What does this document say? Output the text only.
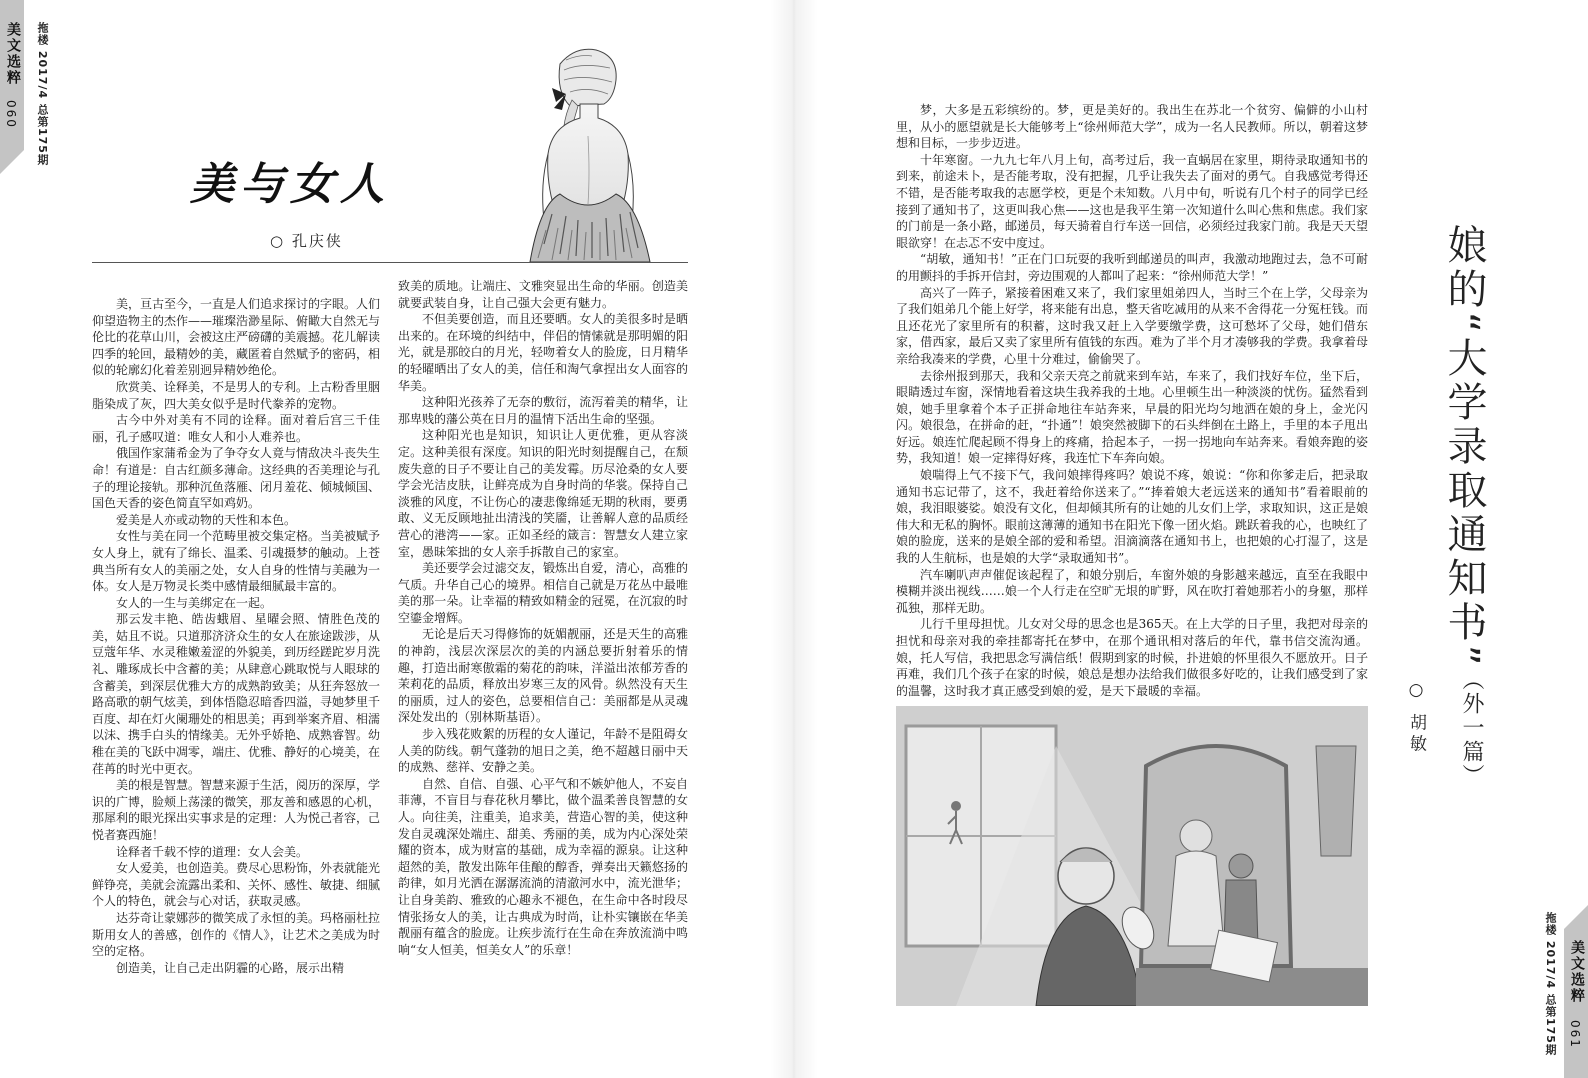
美文选粹
060 拖楼 2017/4 总第175期
美与女人
○ 孔庆侠

美，亘古至今，一直是人们追求探讨的字眼。人们仰望造物主的杰作——璀璨浩渺星际、俯瞰大自然无与伦比的花草山川，会被这庄严磅礴的美震撼。花儿解读四季的轮回，最精妙的美，藏匿着自然赋予的密码，相似的轮廓幻化着差别迥异精妙绝伦。

欣赏美、诠释美，不是男人的专利。上古粉香里胭脂染成了灰，四大美女似乎是时代豢养的宠物。

古今中外对美有不同的诠释。面对着后宫三千佳丽，孔子感叹道：唯女人和小人难养也。

俄国作家蒲希金为了争夺女人竟与情敌决斗丧失生命！有道是：自古红颜多薄命。这经典的否美理论与孔子的理论接轨。那种沉鱼落雁、闭月羞花、倾城倾国、国色天香的姿色简直罕如鸡奶。

爱美是人亦或动物的天性和本色。

女性与美在同一个范畴里被交集定格。当美被赋予女人身上，就有了绵长、温柔、引魂摄梦的触动。上苍典当所有女人的美丽之处，女人自身的性情与美融为一体。女人是万物灵长类中感情最细腻最丰富的。

女人的一生与美绑定在一起。

那云发丰艳、皓齿蛾眉、星曜会照、情胜色茂的美，姑且不说。只道那济济众生的女人在旅途跋涉，从豆蔻年华、水灵稚嫩羞涩的外貌美，到历经蹉跎岁月洗礼、雕琢成长中含蓄的美；从肆意心跳取悦与人眼球的含蓄美，到深层优雅大方的成熟韵致美；从狂奔怒放一路高歌的朝气炫美，到体悟隐忍暗香四溢，寻她梦里千百度、却在灯火阑珊处的相思美；再到举案齐眉、相濡以沫、携手白头的情缘美。无外乎娇艳、成熟睿智。幼稚在美的飞跃中凋零，端庄、优雅、静好的心境美，在荏苒的时光中更衣。

美的根是智慧。智慧来源于生活，阅历的深厚，学识的广博，脸颊上荡漾的微笑，那友善和感恩的心机，那犀利的眼光探出实事求是的定理：人为悦己者容，己悦者赛西施！

诠释者千载不悖的道理：女人会美。

女人爱美，也创造美。费尽心思粉饰，外表就能光鲜铮亮，美就会流露出柔和、关怀、感性、敏捷、细腻个人的特色，就会与心对话，获取灵感。

达芬奇让蒙娜莎的微笑成了永恒的美。玛格丽杜拉斯用女人的善感，创作的《情人》，让艺术之美成为时空的定格。

创造美，让自己走出阴霾的心路，展示出精

致美的质地。让端庄、文雅突显出生命的华丽。创造美就要武装自身，让自己强大会更有魅力。

不但美要创造，而且还要晒。女人的美很多时是晒出来的。在环境的纠结中，伴侣的情愫就是那明媚的阳光，就是那皎白的月光，轻吻着女人的脸庞，日月精华的轻曜晒出了女人的美，信任和淘气拿捏出女人面容的华美。

这种阳光孩养了无奈的敷衍，流泻着美的精华，让那卑贱的藩公英在日月的温情下活出生命的坚强。

这种阳光也是知识，知识让人更优雅，更从容淡定。这种美很有深度。知识的阳光时刻提醒自己，在颓废失意的日子不要让自己的美发霉。历尽沧桑的女人要学会光洁皮肤，让鲜亮成为自身时尚的华裳。保持自己淡雅的风度，不让伤心的凄悲像绵延无期的秋雨，要勇敢、义无反顾地扯出清浅的笑靥，让善解人意的品质经营心的港湾——家。正如圣经的箴言：智慧女人建立家室，愚昧笨拙的女人亲手拆散自己的家室。

美还要学会过滤交友，锻炼出自爱，清心，高雅的气质。升华自己心的境界。相信自己就是万花丛中最唯美的那一朵。让幸福的精致如精金的冠冕，在沉寂的时空鎏金增辉。

无论是后天习得修饰的妩媚靓丽，还是天生的高雅的神韵，浅层次深层次的美的内涵总要折射着乐的情趣，打造出耐寒傲霜的菊花的韵味，洋溢出浓郁芳香的茉莉花的品质，释放出岁寒三友的风骨。纵然没有天生的丽质，过人的姿色，总要相信自己：美丽都是从灵魂深处发出的（别林斯基语）。

步入残花败絮的历程的女人谨记，年龄不是阻碍女人美的防线。朝气蓬勃的旭日之美，绝不超越日丽中天的成熟、慈祥、安静之美。

自然、自信、自强、心平气和不嫉妒他人，不妄自菲薄，不盲目与春花秋月攀比，做个温柔善良智慧的女人。向往美，注重美，追求美，营造心智的美，使这种发自灵魂深处端庄、甜美、秀丽的美，成为内心深处荣耀的资本，成为财富的基础，成为幸福的源泉。让这种超然的美，散发出陈年佳酿的醇香，弹奏出天籁悠扬的韵律，如月光洒在潺潺流淌的清澈河水中，流光泄华；让自身美韵、雅致的心趣永不褪色，在生命中各时段尽情张扬女人的美，让古典成为时尚，让朴实镶嵌在华美靓丽有蕴含的脸庞。让疾步流行在生命在奔放流淌中鸣响“女人恒美，恒美女人”的乐章！

梦，大多是五彩缤纷的。梦，更是美好的。我出生在苏北一个贫穷、偏僻的小山村里，从小的愿望就是长大能够考上“徐州师范大学”，成为一名人民教师。所以，朝着这梦想和目标，一步步迈进。

十年寒窗。一九九七年八月上旬，高考过后，我一直蜗居在家里，期待录取通知书的到来，前途未卜，是否能考取，没有把握，几乎让我失去了面对的勇气。自我感觉考得还不错，是否能考取我的志愿学校，更是个未知数。八月中旬，听说有几个村子的同学已经接到了通知书了，这更叫我心焦——这也是我平生第一次知道什么叫心焦和焦虑。我们家的门前是一条小路，邮递员，每天骑着自行车送一回信，必须经过我家门前。我是天天望眼欲穿！在忐忑不安中度过。

“胡敏，通知书！”正在门口玩耍的我听到邮递员的叫声，我激动地跑过去，急不可耐的用颤抖的手拆开信封，旁边围观的人都叫了起来：“徐州师范大学！”

高兴了一阵子，紧接着困难又来了，我们家里姐弟四人，当时三个在上学，父母亲为了我们姐弟几个能上好学，将来能有出息，整天省吃减用的从来不舍得花一分冤枉钱。而且还花光了家里所有的积蓄，这时我又赶上入学要缴学费，这可愁坏了父母，她们借东家，借西家，最后又卖了家里所有值钱的东西。难为了半个月才凑够我的学费。我拿着母亲给我凑来的学费，心里十分难过，偷偷哭了。

去徐州报到那天，我和父亲天亮之前就来到车站，车来了，我们找好车位，坐下后，眼睛透过车窗，深情地看着这块生我养我的土地。心里顿生出一种淡淡的忧伤。猛然看到娘，她手里拿着个本子正拼命地往车站奔来，早晨的阳光均匀地洒在娘的身上，金光闪闪。娘很急，在拼命的赶，“扑通”！娘突然被脚下的石头绊倒在土路上，手里的本子甩出好远。娘连忙爬起顾不得身上的疼痛，拾起本子，一拐一拐地向车站奔来。看娘奔跑的姿势，我知道！娘一定摔得好疼，我连忙下车奔向娘。

娘喘得上气不接下气，我问娘摔得疼吗？娘说不疼，娘说：“你和你爹走后，把录取通知书忘记带了，这不，我赶着给你送来了。”“捧着娘大老远送来的通知书”看着眼前的娘，我泪眼婆娑。娘没有文化，但却倾其所有的让她的儿女们上学，求取知识，这正是娘伟大和无私的胸怀。眼前这薄薄的通知书在阳光下像一团火焰。跳跃着我的心，也映红了娘的脸庞，送来的是娘全部的爱和希望。泪滴滴落在通知书上，也把娘的心打湿了，这是我的人生航标，也是娘的大学“录取通知书”。

汽车喇叭声声催促该起程了，和娘分别后，车窗外娘的身影越来越远，直至在我眼中模糊并淡出视线……娘一个人行走在空旷无垠的旷野，风在吹打着她那若小的身躯，那样孤独，那样无助。

儿行千里母担忧。儿女对父母的思念也是365天。在上大学的日子里，我把对母亲的担忧和母亲对我的牵挂都寄托在梦中，在那个通讯相对落后的年代，靠书信交流沟通。娘，托人写信，我把思念写满信纸！假期到家的时候，扑进娘的怀里很久不愿放开。日子再难，我们几个孩子在家的时候，娘总是想办法给我们做很多好吃的，让我们感受到了家的温馨，这时我才真正感受到娘的爱，是天下最暖的幸福。

娘的“大学录取通知书”
（外一篇）
○ 胡敏
美文选粹
061
拖楼 2017/4 总第175期
